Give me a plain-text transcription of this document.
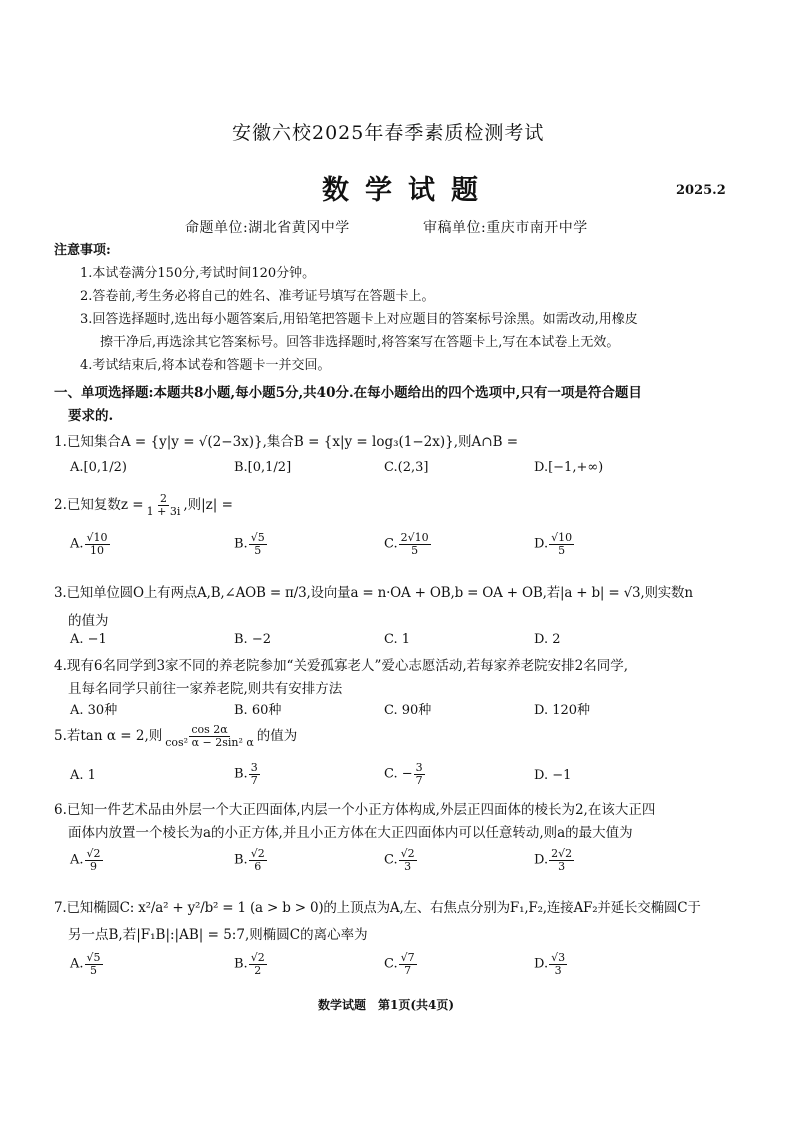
安徽六校2025年春季素质检测考试
数学试题	2025.2
命题单位:湖北省黄冈中学	审稿单位:重庆市南开中学
注意事项:
1.本试卷满分150分,考试时间120分钟。
2.答卷前,考生务必将自己的姓名、准考证号填写在答题卡上。
3.回答选择题时,选出每小题答案后,用铅笔把答题卡上对应题目的答案标号涂黑。如需改动,用橡皮
擦干净后,再选涂其它答案标号。回答非选择题时,将答案写在答题卡上,写在本试卷上无效。
4.考试结束后,将本试卷和答题卡一并交回。
一、单项选择题:本题共8小题,每小题5分,共40分.在每小题给出的四个选项中,只有一项是符合题目
要求的.
1.已知集合A = {y|y = √(2−3x)},集合B = {x|y = log₃(1−2x)},则A∩B =
A.[0,1/2)	B.[0,1/2]	C.(2,3]	D.[−1,+∞)
2.已知复数$z = \frac{2}{1 + 3i}$ ,则|z| =
A. $\frac{√10}{10}$	B. $\frac{√5}{5}$	C. $\frac{2√10}{5}$	D. $\frac{√10}{5}$
3.已知单位圆O上有两点A,B,∠AOB = π/3,设向量a = n·OA + OB,b = OA + OB,若|a + b| = √3,则实数n
的值为
A. −1	B. −2	C. 1	D. 2
4.现有6名同学到3家不同的养老院参加“关爱孤寡老人”爱心志愿活动,若每家养老院安排2名同学,
且每名同学只前往一家养老院,则共有安排方法
A. 30种	B. 60种	C. 90种	D. 120种
5.若tan α = 2,则 $\frac{\cos 2\alpha}{\text{cos² α − 2sin² α}}$ 的值为
A. 1	B. $\frac{3}{7}$	C. − $\frac{3}{7}$	D. −1
6.已知一件艺术品由外层一个大正四面体,内层一个小正方体构成,外层正四面体的棱长为2,在该大正四
面体内放置一个棱长为a的小正方体,并且小正方体在大正四面体内可以任意转动,则a的最大值为
A. $\frac{√2}{9}$	B. $\frac{√2}{6}$	C. $\frac{√2}{3}$	D. $\frac{2√2}{3}$
7.已知椭圆C: x²/a² + y²/b² = 1 (a > b > 0)的上顶点为A,左、右焦点分别为F₁,F₂,连接AF₂并延长交椭圆C于
另一点B,若|F₁B|:|AB| = 5:7,则椭圆C的离心率为
A. $\frac{√5}{5}$	B. $\frac{√2}{2}$	C. $\frac{√7}{7}$	D. $\frac{√3}{3}$
数学试题　第1页(共4页)
